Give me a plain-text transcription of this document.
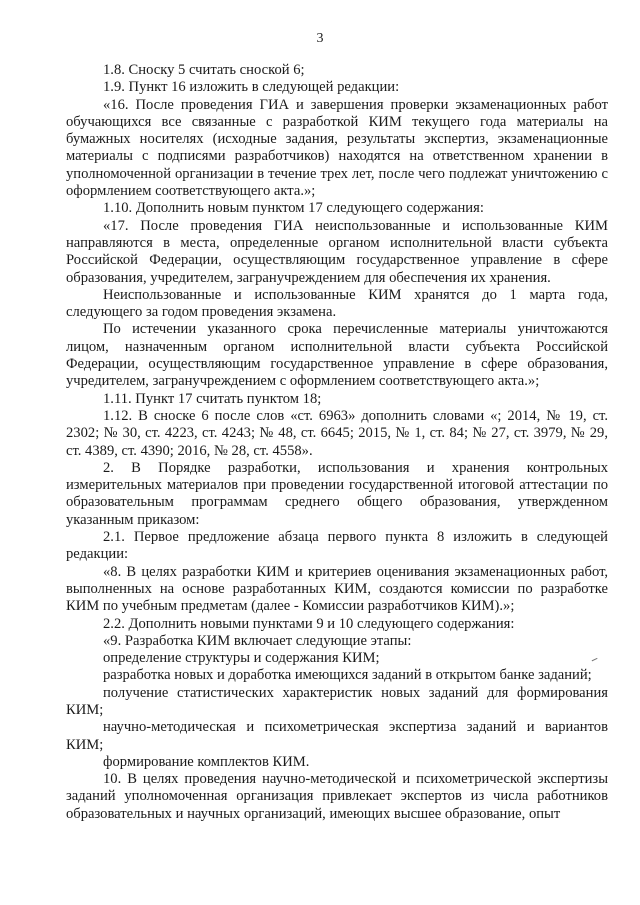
3

1.8. Сноску 5 считать сноской 6;

1.9. Пункт 16 изложить в следующей редакции:

«16. После проведения ГИА и завершения проверки экзаменационных работ обучающихся все связанные с разработкой КИМ текущего года материалы на бумажных носителях (исходные задания, результаты экспертиз, экзаменационные материалы с подписями разработчиков) находятся на ответственном хранении в уполномоченной организации в течение трех лет, после чего подлежат уничтожению с оформлением соответствующего акта.»;

1.10. Дополнить новым пунктом 17 следующего содержания:

«17. После проведения ГИА неиспользованные и использованные КИМ направляются в места, определенные органом исполнительной власти субъекта Российской Федерации, осуществляющим государственное управление в сфере образования, учредителем, загранучреждением для обеспечения их хранения.

Неиспользованные и использованные КИМ хранятся до 1 марта года, следующего за годом проведения экзамена.

По истечении указанного срока перечисленные материалы уничтожаются лицом, назначенным органом исполнительной власти субъекта Российской Федерации, осуществляющим государственное управление в сфере образования, учредителем, загранучреждением с оформлением соответствующего акта.»;

1.11. Пункт 17 считать пунктом 18;

1.12. В сноске 6 после слов «ст. 6963» дополнить словами «; 2014, № 19, ст. 2302; № 30, ст. 4223, ст. 4243; № 48, ст. 6645; 2015, № 1, ст. 84; № 27, ст. 3979, № 29, ст. 4389, ст. 4390; 2016, № 28, ст. 4558».

2. В Порядке разработки, использования и хранения контрольных измерительных материалов при проведении государственной итоговой аттестации по образовательным программам среднего общего образования, утвержденном указанным приказом:

2.1. Первое предложение абзаца первого пункта 8 изложить в следующей редакции:

«8. В целях разработки КИМ и критериев оценивания экзаменационных работ, выполненных на основе разработанных КИМ, создаются комиссии по разработке КИМ по учебным предметам (далее - Комиссии разработчиков КИМ).»;

2.2. Дополнить новыми пунктами 9 и 10 следующего содержания:

«9. Разработка КИМ включает следующие этапы:

определение структуры и содержания КИМ;

разработка новых и доработка имеющихся заданий в открытом банке заданий;

получение статистических характеристик новых заданий для формирования КИМ;

научно-методическая и психометрическая экспертиза заданий и вариантов КИМ;

формирование комплектов КИМ.

10. В целях проведения научно-методической и психометрической экспертизы заданий уполномоченная организация привлекает экспертов из числа работников образовательных и научных организаций, имеющих высшее образование, опыт
